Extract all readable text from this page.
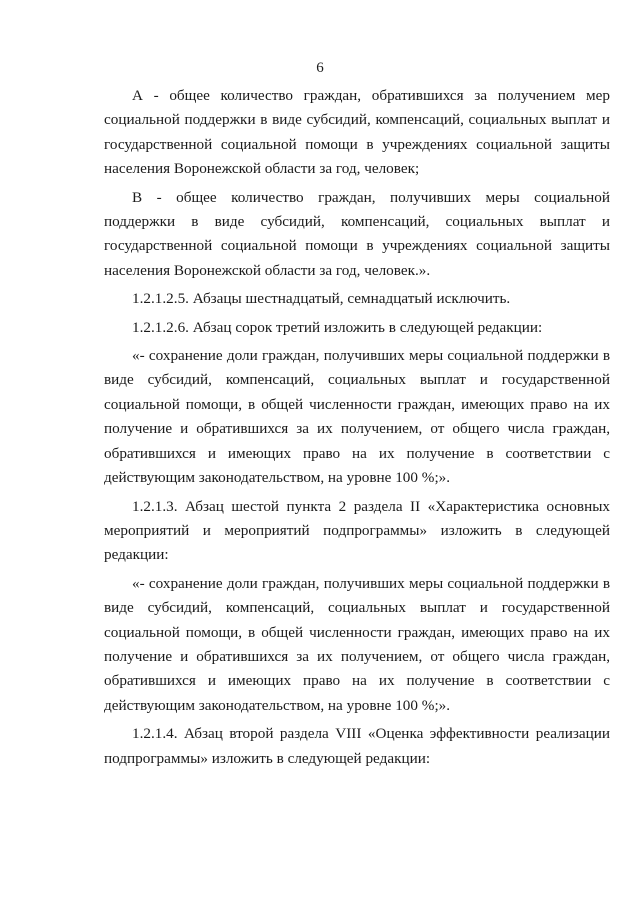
6

А - общее количество граждан, обратившихся за получением мер социальной поддержки в виде субсидий, компенсаций, социальных выплат и государственной социальной помощи в учреждениях социальной защиты населения Воронежской области за год, человек;

В - общее количество граждан, получивших меры социальной поддержки в виде субсидий, компенсаций, социальных выплат и государственной социальной помощи в учреждениях социальной защиты населения Воронежской области за год, человек.».

1.2.1.2.5. Абзацы шестнадцатый, семнадцатый исключить.

1.2.1.2.6. Абзац сорок третий изложить в следующей редакции:

«- сохранение доли граждан, получивших меры социальной поддержки в виде субсидий, компенсаций, социальных выплат и государственной социальной помощи, в общей численности граждан, имеющих право на их получение и обратившихся за их получением, от общего числа граждан, обратившихся и имеющих право на их получение в соответствии с действующим законодательством, на уровне 100 %;».

1.2.1.3. Абзац шестой пункта 2 раздела II «Характеристика основных мероприятий и мероприятий подпрограммы» изложить в следующей редакции:

«- сохранение доли граждан, получивших меры социальной поддержки в виде субсидий, компенсаций, социальных выплат и государственной социальной помощи, в общей численности граждан, имеющих право на их получение и обратившихся за их получением, от общего числа граждан, обратившихся и имеющих право на их получение в соответствии с действующим законодательством, на уровне 100 %;».

1.2.1.4. Абзац второй раздела VIII «Оценка эффективности реализации подпрограммы» изложить в следующей редакции:
